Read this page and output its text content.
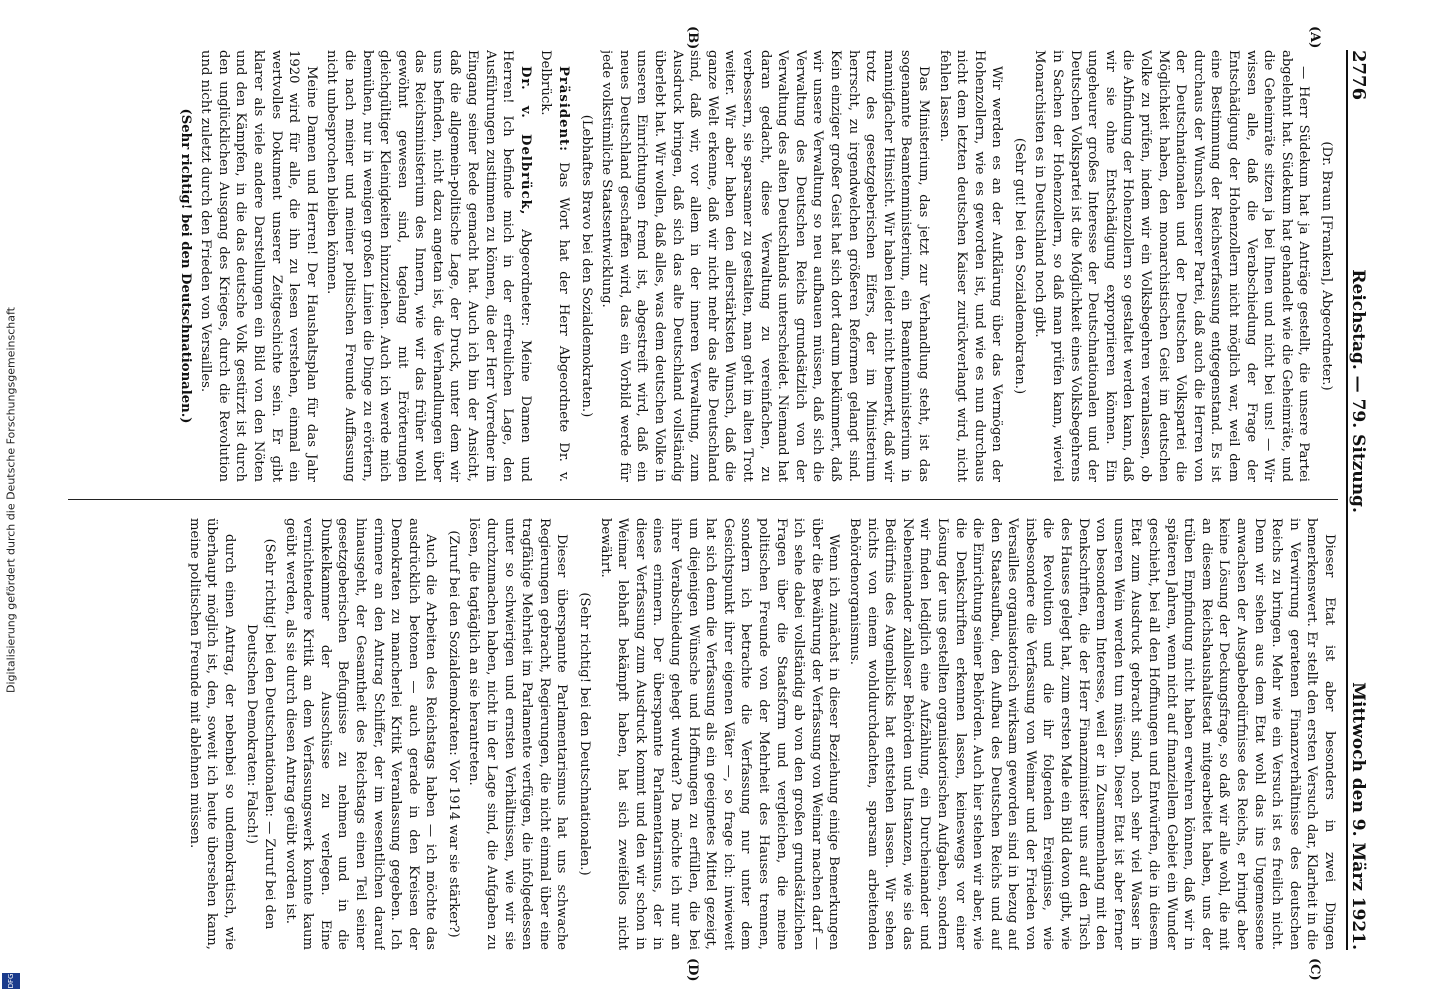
Digitalisierung gefördert durch die Deutsche Forschungsgemeinschaft
DFG
2776
Reichstag. — 79. Sitzung.
Mittwoch den 9. März 1921.
(A)
(B)
(C)
(D)

(Dr. Braun [Franken], Abgeordneter.)

— Herr Südekum hat ja Anträge gestellt, die unsere Partei abgelehnt hat. Südekum hat gehandelt wie die Geheimräte, und die Geheimräte sitzen ja bei Ihnen und nicht bei uns! — Wir wissen alle, daß die Verabschiedung der Frage der Entschädigung der Hohenzollern nicht möglich war, weil dem eine Bestimmung der Reichsverfassung entgegenstand. Es ist durchaus der Wunsch unserer Partei, daß auch die Herren von der Deutschnationalen und der Deutschen Volkspartei die Möglichkeit haben, den monarchistischen Geist im deutschen Volke zu prüfen, indem wir ein Volksbegehren veranlassen, ob die Abfindung der Hohenzollern so gestaltet werden kann, daß wir sie ohne Entschädigung expropriieren können. Ein ungeheurer großes Interesse der Deutschnationalen und der Deutschen Volkspartei ist die Möglichkeit eines Volksbegehrens in Sachen der Hohenzollern, so daß man prüfen kann, wieviel Monarchisten es in Deutschland noch gibt.

(Sehr gut! bei den Sozialdemokraten.)

Wir werden es an der Aufklärung über das Vermögen der Hohenzollern, wie es geworden ist, und wie es nun durchaus nicht dem letzten deutschen Kaiser zurückverlangt wird, nicht fehlen lassen.

Das Ministerium, das jetzt zur Verhandlung steht, ist das sogenannte Beamtenministerium, ein Beamtenministerium in mannigfacher Hinsicht. Wir haben leider nicht bemerkt, daß wir trotz des gesetzgeberischen Eifers, der im Ministerium herrscht, zu irgendwelchen größeren Reformen gelangt sind. Kein einziger großer Geist hat sich dort darum bekümmert, daß wir unsere Verwaltung so neu aufbauen müssen, daß sich die Verwaltung des Deutschen Reichs grundsätzlich von der Verwaltung des alten Deutschlands unterscheidet. Niemand hat daran gedacht, diese Verwaltung zu vereinfachen, zu verbessern, sie sparsamer zu gestalten, man geht im alten Trott weiter. Wir aber haben den allerstärksten Wunsch, daß die ganze Welt erkenne, daß wir nicht mehr das alte Deutschland sind, daß wir, vor allem in der inneren Verwaltung, zum Ausdruck bringen, daß sich das alte Deutschland vollständig überlebt hat. Wir wollen, daß alles, was dem deutschen Volke in unseren Einrichtungen fremd ist, abgestreift wird, daß ein neues Deutschland geschaffen wird, das ein Vorbild werde für jede volkstümliche Staatsentwicklung.

(Lebhaftes Bravo bei den Sozialdemokraten.)

Präsident: Das Wort hat der Herr Abgeordnete Dr. v. Delbrück.

Dr. v. Delbrück, Abgeordneter: Meine Damen und Herren! Ich befinde mich in der erfreulichen Lage, den Ausführungen zustimmen zu können, die der Herr Vorredner im Eingang seiner Rede gemacht hat. Auch ich bin der Ansicht, daß die allgemein-politische Lage, der Druck, unter dem wir uns befinden, nicht dazu angetan ist, die Verhandlungen über das Reichsministerium des Innern, wie wir das früher wohl gewöhnt gewesen sind, tagelang mit Erörterungen gleichgültiger Kleinigkeiten hinzuziehen. Auch ich werde mich bemühen, nur in wenigen großen Linien die Dinge zu erörtern, die nach meiner und meiner politischen Freunde Auffassung nicht unbesprochen bleiben können.

Meine Damen und Herren! Der Haushaltsplan für das Jahr 1920 wird für alle, die ihn zu lesen verstehen, einmal ein wertvolles Dokument unserer Zeitgeschichte sein. Er gibt klarer als viele andere Darstellungen ein Bild von den Nöten und den Kämpfen, in die das deutsche Volk gestürzt ist durch den unglücklichen Ausgang des Krieges, durch die Revolution und nicht zuletzt durch den Frieden von Versailles.

(Sehr richtig! bei den Deutschnationalen.)

Dieser Etat ist aber besonders in zwei Dingen bemerkenswert. Er stellt den ersten Versuch dar, Klarheit in die in Verwirrung geratenen Finanzverhältnisse des deutschen Reichs zu bringen. Mehr wie ein Versuch ist es freilich nicht. Denn wir sehen aus dem Etat wohl das ins Ungemessene anwachsen der Ausgabebedürfnisse des Reichs, er bringt aber keine Lösung der Deckungsfrage, so daß wir alle wohl, die mit an diesem Reichshaushaltsetat mitgearbeitet haben, uns der trüben Empfindung nicht haben erwehren können, daß wir in späteren Jahren, wenn nicht auf finanziellem Gebiet ein Wunder geschieht, bei all den Hoffnungen und Entwürfen, die in diesem Etat zum Ausdruck gebracht sind, noch sehr viel Wasser in unseren Wein werden tun müssen. Dieser Etat ist aber ferner von besonderem Interesse, weil er in Zusammenhang mit den Denkschriften, die der Herr Finanzminister uns auf den Tisch des Hauses gelegt hat, zum ersten Male ein Bild davon gibt, wie die Revolution und die ihr folgenden Ereignisse, wie insbesondere die Verfassung von Weimar und der Frieden von Versailles organisatorisch wirksam geworden sind in bezug auf den Staatsaufbau, den Aufbau des Deutschen Reichs und auf die Einrichtung seiner Behörden. Auch hier stehen wir aber, wie die Denkschriften erkennen lassen, keineswegs vor einer Lösung der uns gestellten organisatorischen Aufgaben, sondern wir finden lediglich eine Aufzählung, ein Durcheinander und Nebeneinander zahlloser Behörden und Instanzen, wie sie das Bedürfnis des Augenblicks hat entstehen lassen. Wir sehen nichts von einem wohldurchdachten, sparsam arbeitenden Behördenorganismus.

Wenn ich zunächst in dieser Beziehung einige Bemerkungen über die Bewährung der Verfassung von Weimar machen darf — ich sehe dabei vollständig ab von den großen grundsätzlichen Fragen über die Staatsform und vergleichen, die meine politischen Freunde von der Mehrheit des Hauses trennen, sondern ich betrachte die Verfassung nur unter dem Gesichtspunkt ihrer eigenen Väter —, so frage ich: inwieweit hat sich denn die Verfassung als ein geeignetes Mittel gezeigt, um diejenigen Wünsche und Hoffnungen zu erfüllen, die bei ihrer Verabschiedung gehegt wurden? Da möchte ich nur an eines erinnern. Der überspannte Parlamentarismus, der in dieser Verfassung zum Ausdruck kommt und den wir schon in Weimar lebhaft bekämpft haben, hat sich zweifellos nicht bewährt.

(Sehr richtig! bei den Deutschnationalen.)

Dieser überspannte Parlamentarismus hat uns schwache Regierungen gebracht, Regierungen, die nicht einmal über eine tragfähige Mehrheit im Parlamente verfügen, die infolgedessen unter so schwierigen und ernsten Verhältnissen, wie wir sie durchzumachen haben, nicht in der Lage sind, die Aufgaben zu lösen, die tagtäglich an sie herantreten.

(Zuruf bei den Sozialdemokraten: Vor 1914 war sie stärker?)

Auch die Arbeiten des Reichstags haben — ich möchte das ausdrücklich betonen — auch gerade in den Kreisen der Demokraten zu mancherlei Kritik Veranlassung gegeben. Ich erinnere an den Antrag Schiffer, der im wesentlichen darauf hinausgeht, der Gesamtheit des Reichstags einen Teil seiner gesetzgeberischen Befugnisse zu nehmen und in die Dunkelkammer der Ausschüsse zu verlegen. Eine vernichtendere Kritik an dem Verfassungswerk konnte kaum geübt werden, als sie durch diesen Antrag geübt worden ist.

(Sehr richtig! bei den Deutschnationalen: — Zuruf bei den Deutschen Demokraten: Falsch!)

durch einen Antrag, der nebenbei so undemokratisch, wie überhaupt möglich ist, den, soweit ich heute übersehen kann, meine politischen Freunde mit ablehnen müssen.
